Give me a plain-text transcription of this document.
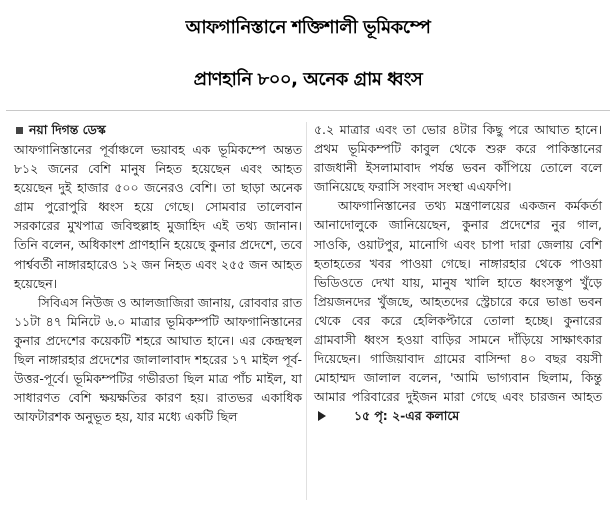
আফগানিস্তানে শক্তিশালী ভূমিকম্পে
প্রাণহানি ৮০০, অনেক গ্রাম ধ্বংস
নয়া দিগন্ত ডেস্ক

আফগানিস্তানের পূর্বাঞ্চলে ভয়াবহ এক ভূমিকম্পে অন্তত ৮১২ জনের বেশি মানুষ নিহত হয়েছেন এবং আহত হয়েছেন দুই হাজার ৫০০ জনেরও বেশি। তা ছাড়া অনেক গ্রাম পুরোপুরি ধ্বংস হয়ে গেছে। সোমবার তালেবান সরকারের মুখপাত্র জবিহুল্লাহ মুজাহিদ এই তথ্য জানান। তিনি বলেন, অধিকাংশ প্রাণহানি হয়েছে কুনার প্রদেশে, তবে পার্শ্ববর্তী নাঙ্গারহারেও ১২ জন নিহত এবং ২৫৫ জন আহত হয়েছেন।

সিবিএস নিউজ ও আলজাজিরা জানায়, রোববার রাত ১১টা ৪৭ মিনিটে ৬.০ মাত্রার ভূমিকম্পটি আফগানিস্তানের কুনার প্রদেশের কয়েকটি শহরে আঘাত হানে। এর কেন্দ্রস্থল ছিল নাঙ্গারহার প্রদেশের জালালাবাদ শহরের ১৭ মাইল পূর্ব-উত্তর-পূর্বে। ভূমিকম্পটির গভীরতা ছিল মাত্র পাঁচ মাইল, যা সাধারণত বেশি ক্ষয়ক্ষতির কারণ হয়। রাতভর একাধিক আফটারশক অনুভূত হয়, যার মধ্যে একটি ছিল

৫.২ মাত্রার এবং তা ভোর ৪টার কিছু পরে আঘাত হানে। প্রথম ভূমিকম্পটি কাবুল থেকে শুরু করে পাকিস্তানের রাজধানী ইসলামাবাদ পর্যন্ত ভবন কাঁপিয়ে তোলে বলে জানিয়েছে ফরাসি সংবাদ সংস্থা এএফপি।

আফগানিস্তানের তথ্য মন্ত্রণালয়ের একজন কর্মকর্তা আনাদোলুকে জানিয়েছেন, কুনার প্রদেশের নুর গাল, সাওকি, ওয়াটপুর, মানোগি এবং চাপা দারা জেলায় বেশি হতাহতের খবর পাওয়া গেছে। নাঙ্গারহার থেকে পাওয়া ভিডিওতে দেখা যায়, মানুষ খালি হাতে ধ্বংসস্তূপ খুঁড়ে প্রিয়জনদের খুঁজছে, আহতদের স্ট্রেচারে করে ভাঙা ভবন থেকে বের করে হেলিকপ্টারে তোলা হচ্ছে। কুনারের গ্রামবাসী ধ্বংস হওয়া বাড়ির সামনে দাঁড়িয়ে সাক্ষাৎকার দিয়েছেন। গাজিয়াবাদ গ্রামের বাসিন্দা ৪০ বছর বয়সী মোহাম্মদ জালাল বলেন, 'আমি ভাগ্যবান ছিলাম, কিন্তু আমার পরিবারের দুইজন মারা গেছে এবং চারজন আহত
১৫ পৃ: ২-এর কলামে
